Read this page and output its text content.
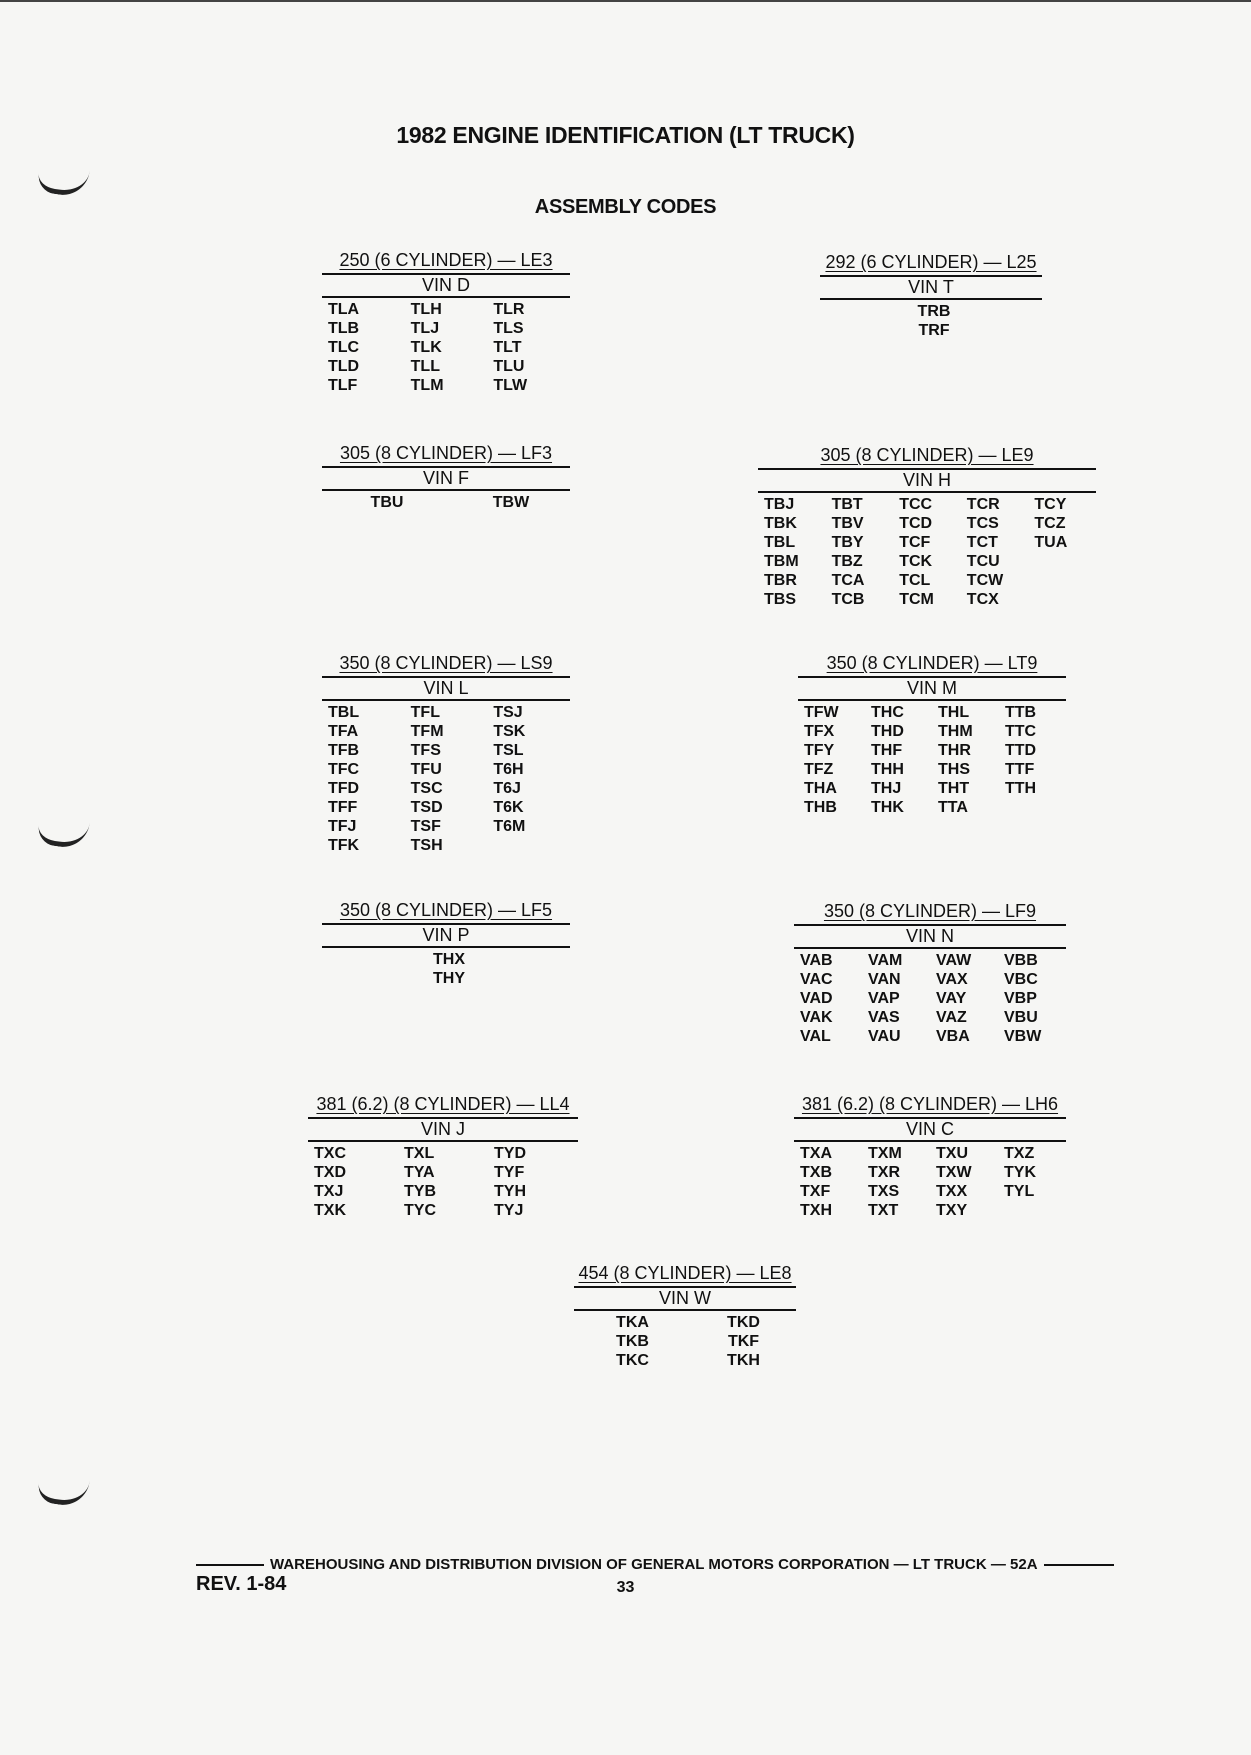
1982 ENGINE IDENTIFICATION (LT TRUCK)
ASSEMBLY CODES
250 (6 CYLINDER) — LE3
VIN D
TLA	TLH	TLR
TLB	TLJ	TLS
TLC	TLK	TLT
TLD	TLL	TLU
TLF	TLM	TLW
292 (6 CYLINDER) — L25
VIN T
TRB
TRF
305 (8 CYLINDER) — LF3
VIN F
TBU	TBW
305 (8 CYLINDER) — LE9
VIN H
TBJ	TBT	TCC	TCR	TCY
TBK	TBV	TCD	TCS	TCZ
TBL	TBY	TCF	TCT	TUA
TBM	TBZ	TCK	TCU
TBR	TCA	TCL	TCW
TBS	TCB	TCM	TCX
350 (8 CYLINDER) — LS9
VIN L
TBL	TFL	TSJ
TFA	TFM	TSK
TFB	TFS	TSL
TFC	TFU	T6H
TFD	TSC	T6J
TFF	TSD	T6K
TFJ	TSF	T6M
TFK	TSH
350 (8 CYLINDER) — LT9
VIN M
TFW	THC	THL	TTB
TFX	THD	THM	TTC
TFY	THF	THR	TTD
TFZ	THH	THS	TTF
THA	THJ	THT	TTH
THB	THK	TTA
350 (8 CYLINDER) — LF5
VIN P
THX
THY
350 (8 CYLINDER) — LF9
VIN N
VAB	VAM	VAW	VBB
VAC	VAN	VAX	VBC
VAD	VAP	VAY	VBP
VAK	VAS	VAZ	VBU
VAL	VAU	VBA	VBW
381 (6.2) (8 CYLINDER) — LL4
VIN J
TXC	TXL	TYD
TXD	TYA	TYF
TXJ	TYB	TYH
TXK	TYC	TYJ
381 (6.2) (8 CYLINDER) — LH6
VIN C
TXA	TXM	TXU	TXZ
TXB	TXR	TXW	TYK
TXF	TXS	TXX	TYL
TXH	TXT	TXY
454 (8 CYLINDER) — LE8
VIN W
TKA	TKD
TKB	TKF
TKC	TKH
WAREHOUSING AND DISTRIBUTION DIVISION OF GENERAL MOTORS CORPORATION — LT TRUCK — 52A
REV. 1-84	33
